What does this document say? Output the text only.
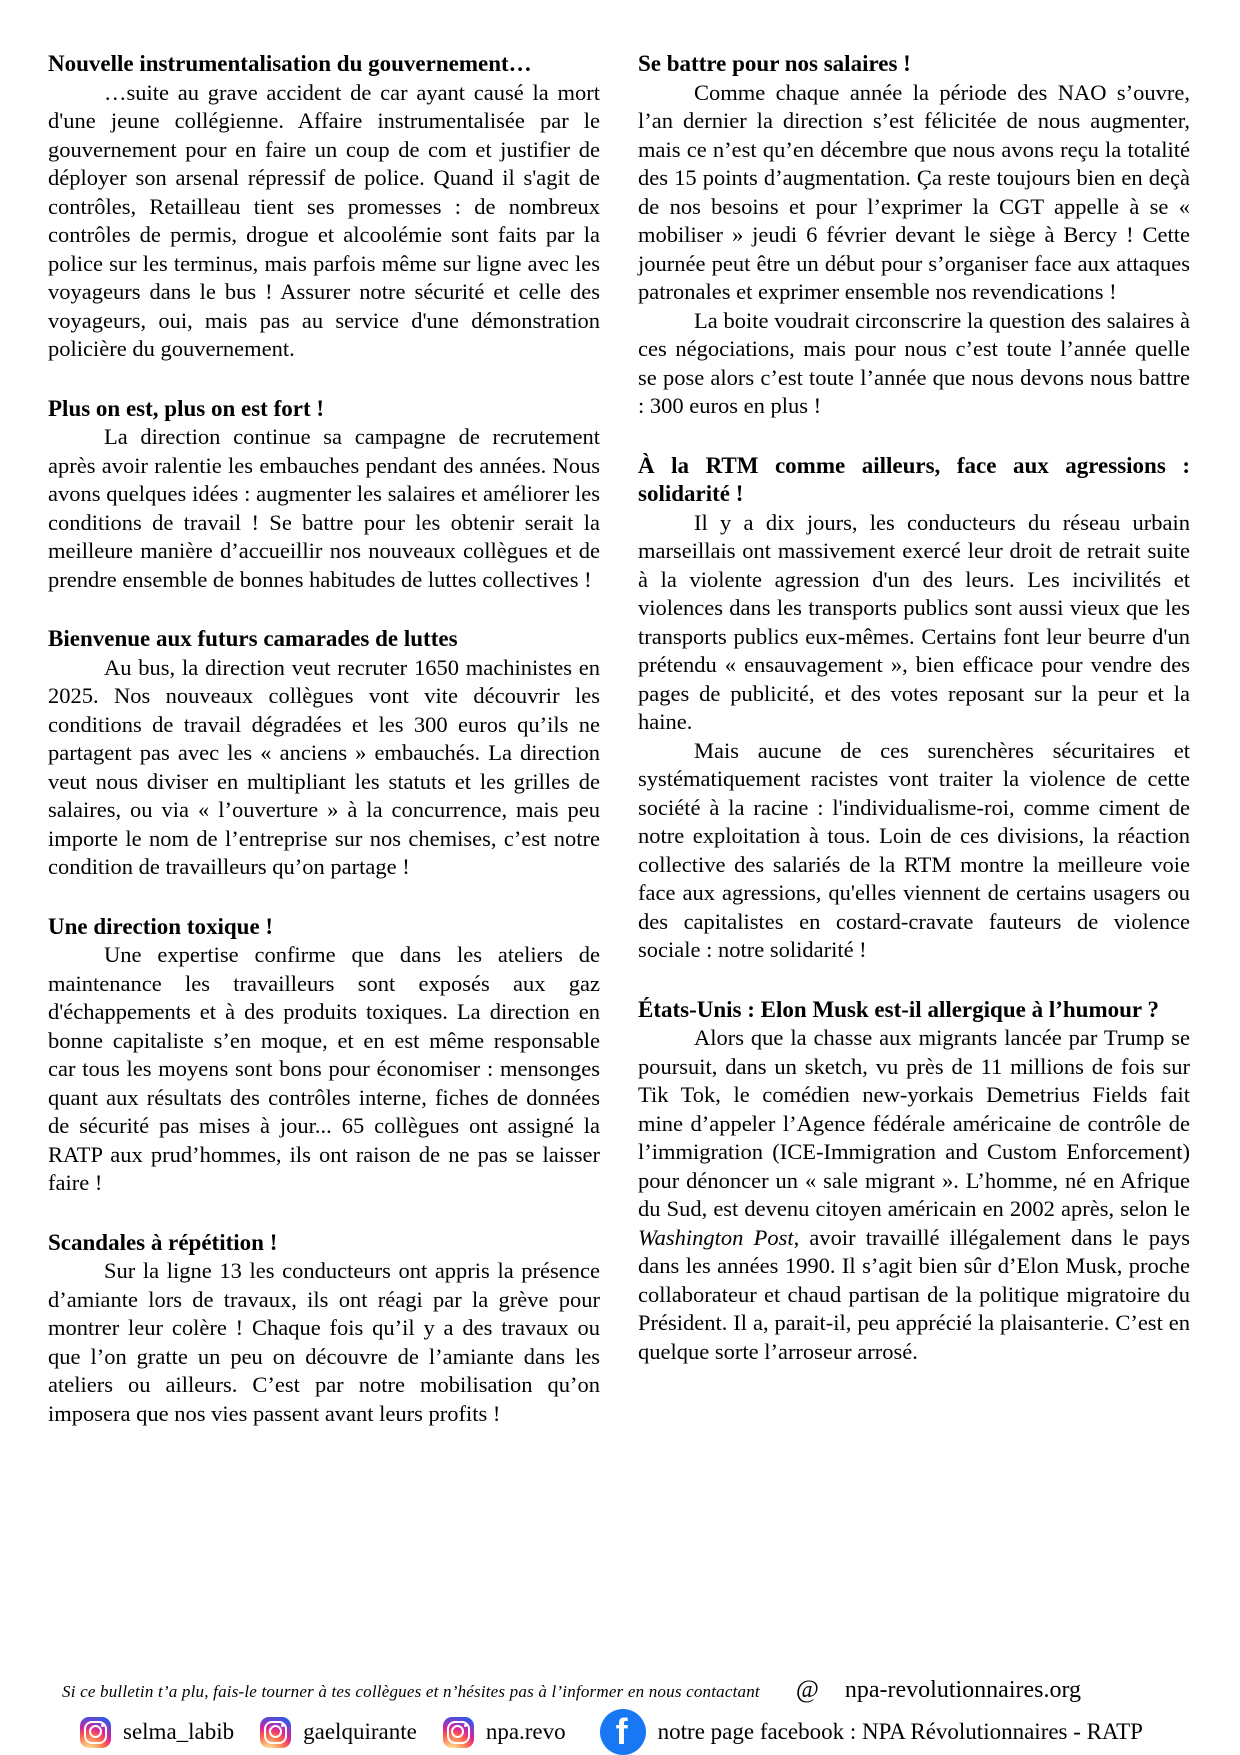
Nouvelle instrumentalisation du gouvernement…

…suite au grave accident de car ayant causé la mort d'une jeune collégienne. Affaire instrumentalisée par le gouvernement pour en faire un coup de com et justifier de déployer son arsenal répressif de police. Quand il s'agit de contrôles, Retailleau tient ses promesses : de nombreux contrôles de permis, drogue et alcoolémie sont faits par la police sur les terminus, mais parfois même sur ligne avec les voyageurs dans le bus ! Assurer notre sécurité et celle des voyageurs, oui, mais pas au service d'une démonstration policière du gouvernement.

Plus on est, plus on est fort !

La direction continue sa campagne de recrutement après avoir ralentie les embauches pendant des années. Nous avons quelques idées : augmenter les salaires et améliorer les conditions de travail ! Se battre pour les obtenir serait la meilleure manière d’accueillir nos nouveaux collègues et de prendre ensemble de bonnes habitudes de luttes collectives !

Bienvenue aux futurs camarades de luttes

Au bus, la direction veut recruter 1650 machinistes en 2025. Nos nouveaux collègues vont vite découvrir les conditions de travail dégradées et les 300 euros qu’ils ne partagent pas avec les « anciens » embauchés. La direction veut nous diviser en multipliant les statuts et les grilles de salaires, ou via « l’ouverture » à la concurrence, mais peu importe le nom de l’entreprise sur nos chemises, c’est notre condition de travailleurs qu’on partage !

Une direction toxique !

Une expertise confirme que dans les ateliers de maintenance les travailleurs sont exposés aux gaz d'échappements et à des produits toxiques. La direction en bonne capitaliste s’en moque, et en est même responsable car tous les moyens sont bons pour économiser : mensonges quant aux résultats des contrôles interne, fiches de données de sécurité pas mises à jour... 65 collègues ont assigné la RATP aux prud’hommes, ils ont raison de ne pas se laisser faire !

Scandales à répétition !

Sur la ligne 13 les conducteurs ont appris la présence d’amiante lors de travaux, ils ont réagi par la grève pour montrer leur colère ! Chaque fois qu’il y a des travaux ou que l’on gratte un peu on découvre de l’amiante dans les ateliers ou ailleurs. C’est par notre mobilisation qu’on imposera que nos vies passent avant leurs profits !

Se battre pour nos salaires !

Comme chaque année la période des NAO s’ouvre, l’an dernier la direction s’est félicitée de nous augmenter, mais ce n’est qu’en décembre que nous avons reçu la totalité des 15 points d’augmentation. Ça reste toujours bien en deçà de nos besoins et pour l’exprimer la CGT appelle à se « mobiliser » jeudi 6 février devant le siège à Bercy ! Cette journée peut être un début pour s’organiser face aux attaques patronales et exprimer ensemble nos revendications !

La boite voudrait circonscrire la question des salaires à ces négociations, mais pour nous c’est toute l’année quelle se pose alors c’est toute l’année que nous devons nous battre : 300 euros en plus !

À la RTM comme ailleurs, face aux agressions : solidarité !

Il y a dix jours, les conducteurs du réseau urbain marseillais ont massivement exercé leur droit de retrait suite à la violente agression d'un des leurs. Les incivilités et violences dans les transports publics sont aussi vieux que les transports publics eux-mêmes. Certains font leur beurre d'un prétendu « ensauvagement », bien efficace pour vendre des pages de publicité, et des votes reposant sur la peur et la haine.

Mais aucune de ces surenchères sécuritaires et systématiquement racistes vont traiter la violence de cette société à la racine : l'individualisme-roi, comme ciment de notre exploitation à tous. Loin de ces divisions, la réaction collective des salariés de la RTM montre la meilleure voie face aux agressions, qu'elles viennent de certains usagers ou des capitalistes en costard-cravate fauteurs de violence sociale : notre solidarité !

États-Unis : Elon Musk est-il allergique à l’humour ?

Alors que la chasse aux migrants lancée par Trump se poursuit, dans un sketch, vu près de 11 millions de fois sur Tik Tok, le comédien new-yorkais Demetrius Fields fait mine d’appeler l’Agence fédérale américaine de contrôle de l’immigration (ICE-Immigration and Custom Enforcement) pour dénoncer un « sale migrant ». L’homme, né en Afrique du Sud, est devenu citoyen américain en 2002 après, selon le Washington Post, avoir travaillé illégalement dans le pays dans les années 1990. Il s’agit bien sûr d’Elon Musk, proche collaborateur et chaud partisan de la politique migratoire du Président. Il a, parait-il, peu apprécié la plaisanterie. C’est en quelque sorte l’arroseur arrosé.

Si ce bulletin t’a plu, fais-le tourner à tes collègues et n’hésites pas à l’informer en nous contactant @ npa-revolutionnaires.org
selma_labib	gaelquirante	npa.revo f	notre page facebook : NPA Révolutionnaires - RATP
